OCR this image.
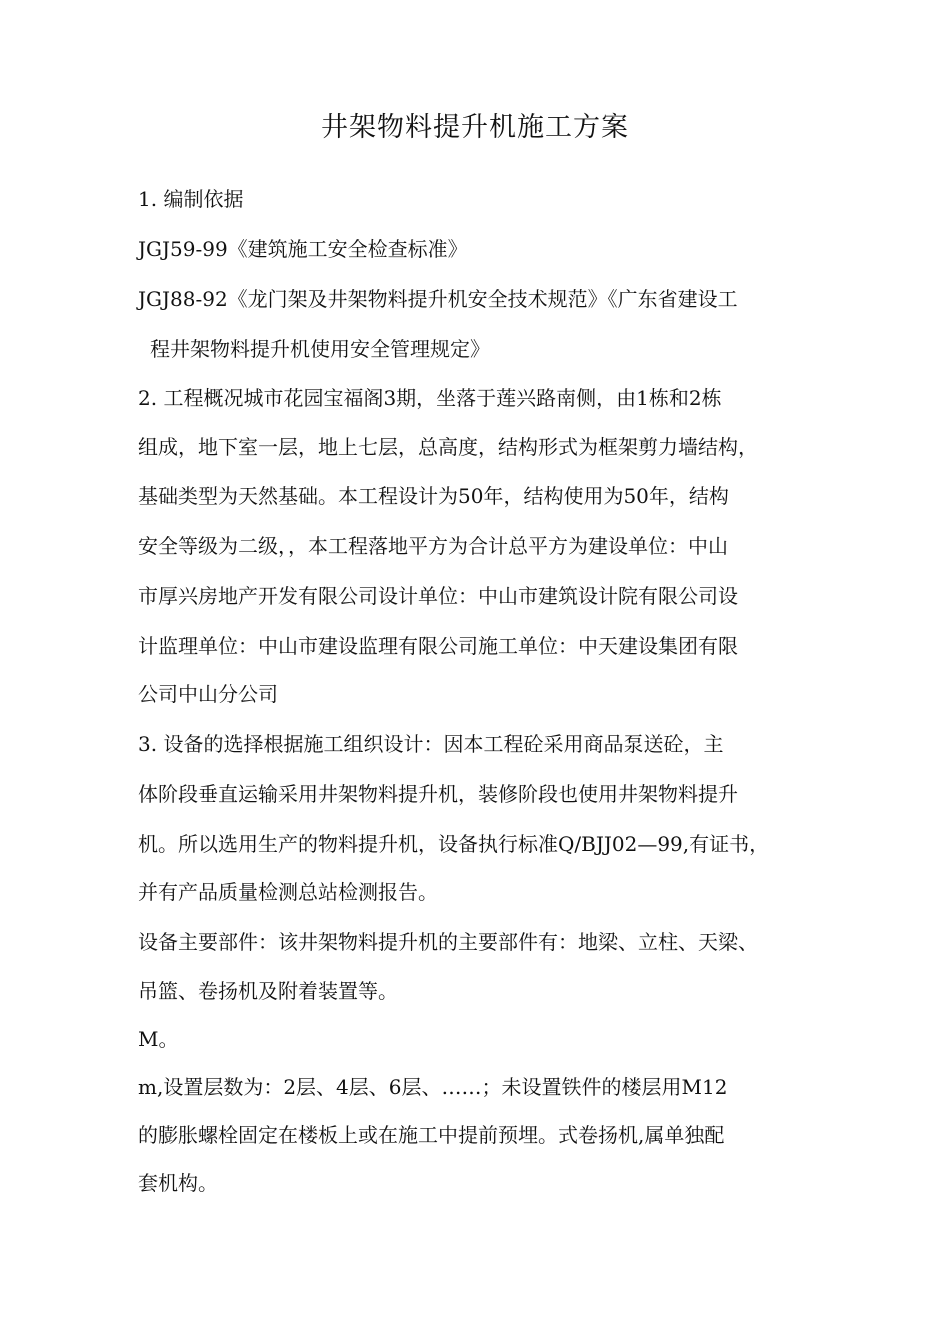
井架物料提升机施工方案
1. 编制依据
JGJ59-99《建筑施工安全检查标准》
JGJ88-92《龙门架及井架物料提升机安全技术规范》《广东省建设工
程井架物料提升机使用安全管理规定》
2. 工程概况城市花园宝福阁3期，坐落于莲兴路南侧，由1栋和2栋
组成，地下室一层，地上七层，总高度，结构形式为框架剪力墙结构，
基础类型为天然基础。本工程设计为50年，结构使用为50年，结构
安全等级为二级，，本工程落地平方为合计总平方为建设单位：中山
市厚兴房地产开发有限公司设计单位：中山市建筑设计院有限公司设
计监理单位：中山市建设监理有限公司施工单位：中天建设集团有限
公司中山分公司
3. 设备的选择根据施工组织设计：因本工程砼采用商品泵送砼，主
体阶段垂直运输采用井架物料提升机，装修阶段也使用井架物料提升
机。所以选用生产的物料提升机，设备执行标准Q/BJJ02—99,有证书，
并有产品质量检测总站检测报告。
设备主要部件：该井架物料提升机的主要部件有：地梁、立柱、天梁、
吊篮、卷扬机及附着装置等。
M。
m,设置层数为：2层、4层、6层、……；未设置铁件的楼层用M12
的膨胀螺栓固定在楼板上或在施工中提前预埋。式卷扬机,属单独配
套机构。
